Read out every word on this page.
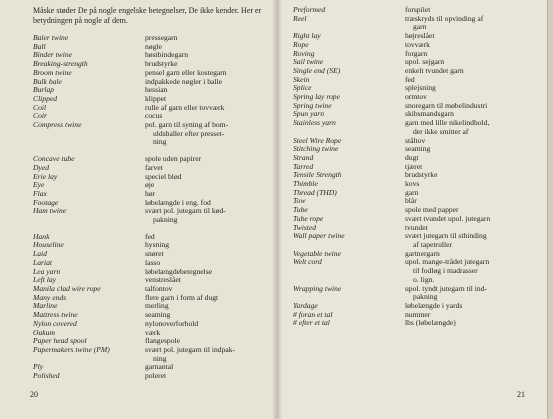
Måske støder De på nogle engelske betegnelser, De ikke kender. Her er betydningen på nogle af dem.
Baler twine	pressegarn
Ball	nøgle
Binder twine	høstbindegarn
Breaking-strength	brudstyrke
Broom twine	pensel garn eller kostegarn
Bulk bale	indpakkede nøgler i balle
Burlap	hessian
Clipped	klippet
Coil	rulle af garn eller tovværk
Coir	cocus
Compress twine	pol. garn til syning af bom-
uldsballer efter presset-
ning
Concave tube	spole uden papirer
Dyed	farvet
Erie lay	speciel blød
Eye	øje
Flax	hør
Footage	løbelængde i eng. fod
Ham twine	svært pol. jutegarn til kød-
pakning
Hank	fed
Houseline	hysning
Laid	snøret
Lariat	lasso
Lea yarn	løbelængdebetegnelse
Left lay	venstreslået
Manila clad wire rope	talfontov
Many ends	flere garn i form af dugt
Marline	merling
Mattress twine	seaming
Nylon covered	nylonoverforhold
Oakum	værk
Paper head spool	flangespole
Papermakers twine (PM)	svært pol. jutegarn til indpak-
ning
Ply	garnantal
Polished	poleret
20
Preformed	forspilet
Reel	træskryds til opvinding af
garn
Right lay	højreslået
Rope	tovværk
Roving	forgarn
Sail twine	upol. sejgarn
Single end (SE)	enkelt tvundet garn
Skein	fed
Splice	splejsning
Spring lay rope	ormtov
Spring twine	snoregarn til møbelindustri
Spun yarn	skibsmandsgarn
Stainless yarn	garn med lille nikelindhold,
der ikke smitter af
Steel Wire Rope	ståltov
Stitching twine	seaming
Strand	dugt
Tarred	tjæret
Tensile Strength	brudstyrke
Thimble	kovs
Thread (THD)	garn
Tow	blår
Tube	spole med papper
Tube rope	svært tvundet upol. jutegarn
Twisted	tvundet
Wall paper twine	svært jutegarn til sthinding
af tapetruller
Vegetable twine	gartnergarn
Welt cord	upol. mange-trådet jutegarn
til fodløg i madrasser
o. lign.
Wrapping twine	upol. tyndt jutegarn til ind-
pakning
Yardage	løbelængde i yards
# foran et tal	nummer
# efter et tal	lbs (løbelængde)
21
